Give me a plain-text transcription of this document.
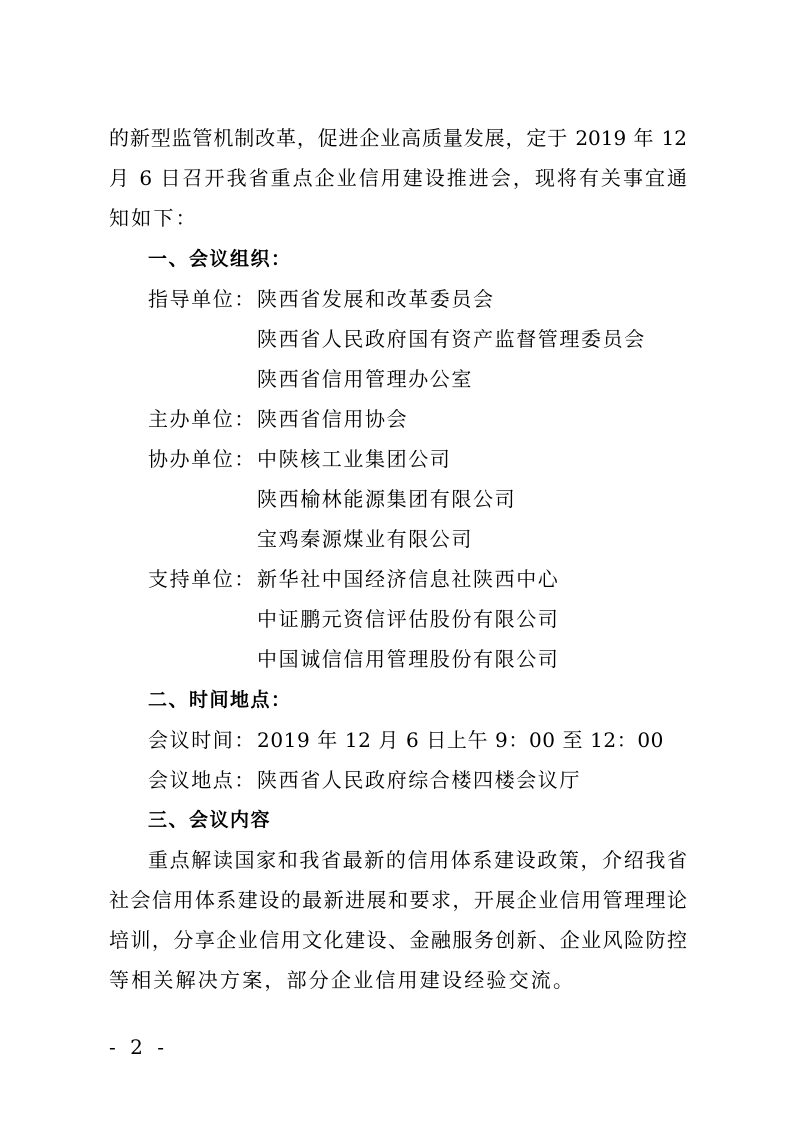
的新型监管机制改革，促进企业高质量发展，定于 2019 年 12
月 6 日召开我省重点企业信用建设推进会，现将有关事宜通
知如下：
一、会议组织：
指导单位： 陕西省发展和改革委员会
陕西省人民政府国有资产监督管理委员会
陕西省信用管理办公室
主办单位： 陕西省信用协会
协办单位： 中陕核工业集团公司
陕西榆林能源集团有限公司
宝鸡秦源煤业有限公司
支持单位： 新华社中国经济信息社陕西中心
中证鹏元资信评估股份有限公司
中国诚信信用管理股份有限公司
二、时间地点：
会议时间： 2019 年 12 月 6 日上午 9：00 至 12：00
会议地点： 陕西省人民政府综合楼四楼会议厅
三、会议内容
重点解读国家和我省最新的信用体系建设政策，介绍我省
社会信用体系建设的最新进展和要求，开展企业信用管理理论
培训，分享企业信用文化建设、金融服务创新、企业风险防控
等相关解决方案，部分企业信用建设经验交流。
- 2 -
